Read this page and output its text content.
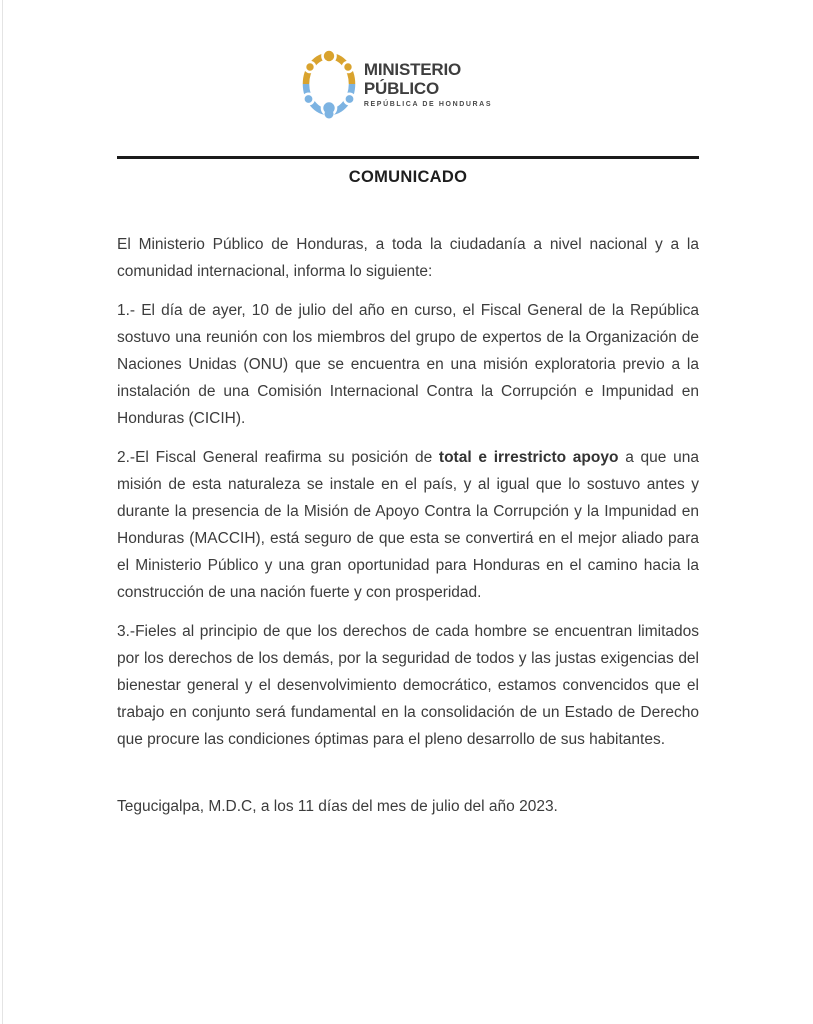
MINISTERIO
PÚBLICO
REPÚBLICA DE HONDURAS
COMUNICADO
El Ministerio Público de Honduras, a toda la ciudadanía a nivel nacional y a la comunidad internacional, informa lo siguiente:
1.- El día de ayer, 10 de julio del año en curso, el Fiscal General de la República sostuvo una reunión con los miembros del grupo de expertos de la Organización de Naciones Unidas (ONU) que se encuentra en una misión exploratoria previo a la instalación de una Comisión Internacional Contra la Corrupción e Impunidad en Honduras (CICIH).
2.-El Fiscal General reafirma su posición de total e irrestricto apoyo a que una misión de esta naturaleza se instale en el país, y al igual que lo sostuvo antes y durante la presencia de la Misión de Apoyo Contra la Corrupción y la Impunidad en Honduras (MACCIH), está seguro de que esta se convertirá en el mejor aliado para el Ministerio Público y una gran oportunidad para Honduras en el camino hacia la construcción de una nación fuerte y con prosperidad.
3.-Fieles al principio de que los derechos de cada hombre se encuentran limitados por los derechos de los demás, por la seguridad de todos y las justas exigencias del bienestar general y el desenvolvimiento democrático, estamos convencidos que el trabajo en conjunto será fundamental en la consolidación de un Estado de Derecho que procure las condiciones óptimas para el pleno desarrollo de sus habitantes.
Tegucigalpa, M.D.C, a los 11 días del mes de julio del año 2023.
